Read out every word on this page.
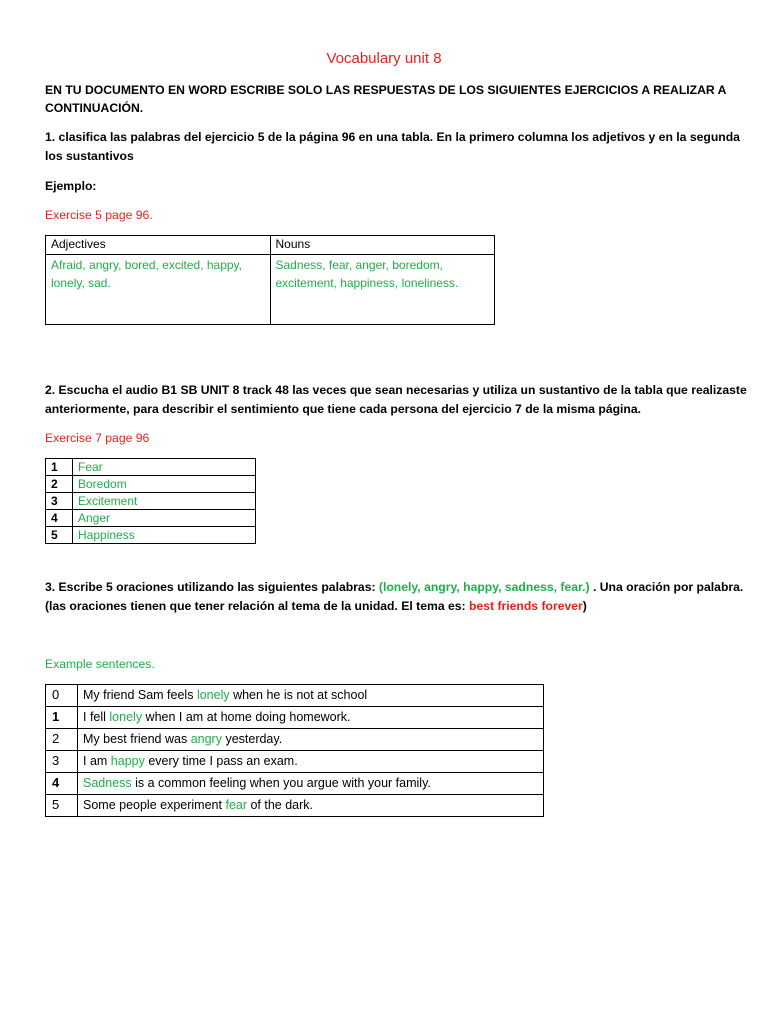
Vocabulary unit 8
EN TU DOCUMENTO EN WORD ESCRIBE SOLO LAS RESPUESTAS DE LOS SIGUIENTES EJERCICIOS A REALIZAR A
CONTINUACIÓN.
1. clasifica las palabras del ejercicio 5 de la página 96 en una tabla. En la primero columna los adjetivos y en la segunda
los sustantivos
Ejemplo:
Exercise 5 page 96.
Adjectives	Nouns
Afraid, angry, bored, excited, happy, lonely, sad.	Sadness, fear, anger, boredom, excitement, happiness, loneliness.
2. Escucha el audio B1 SB UNIT 8 track 48 las veces que sean necesarias y utiliza un sustantivo de la tabla que realizaste
anteriormente, para describir el sentimiento que tiene cada persona del ejercicio 7 de la misma página.
Exercise 7 page 96
1	Fear
2	Boredom
3	Excitement
4	Anger
5	Happiness
3. Escribe 5 oraciones utilizando las siguientes palabras: (lonely, angry, happy, sadness, fear.) . Una oración por palabra.
(las oraciones tienen que tener relación al tema de la unidad. El tema es: best friends forever)
Example sentences.
0	My friend Sam feels lonely when he is not at school
1	I fell lonely when I am at home doing homework.
2	My best friend was angry yesterday.
3	I am happy every time I pass an exam.
4	Sadness is a common feeling when you argue with your family.
5	Some people experiment fear of the dark.
